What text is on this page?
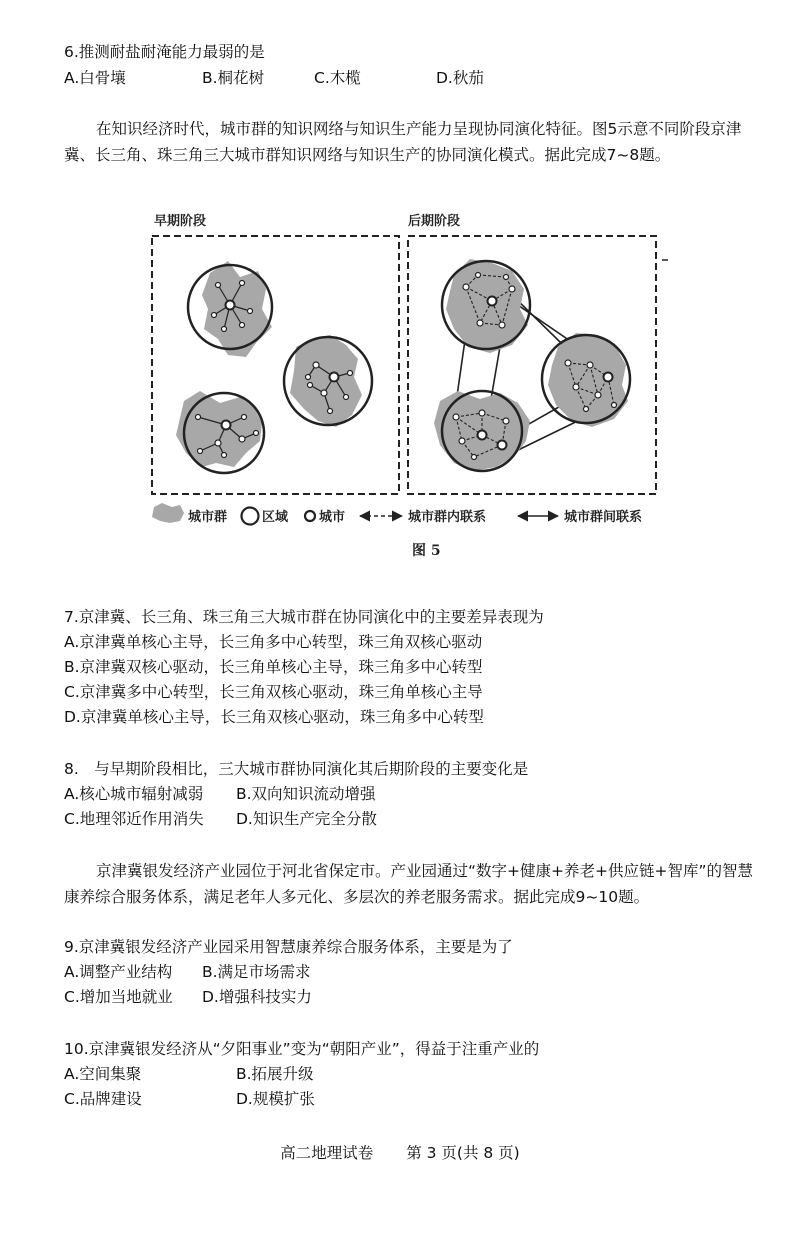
6.推测耐盐耐淹能力最弱的是
A.白骨壤	B.桐花树	C.木榄	D.秋茄
在知识经济时代，城市群的知识网络与知识生产能力呈现协同演化特征。图5示意不同阶段京津冀、长三角、珠三角三大城市群知识网络与知识生产的协同演化模式。据此完成7~8题。
早期阶段	后期阶段
城市群	区域 城市	城市群内联系	城市群间联系
图 5
7.京津冀、长三角、珠三角三大城市群在协同演化中的主要差异表现为
A.京津冀单核心主导，长三角多中心转型，珠三角双核心驱动
B.京津冀双核心驱动，长三角单核心主导，珠三角多中心转型
C.京津冀多中心转型，长三角双核心驱动，珠三角单核心主导
D.京津冀单核心主导，长三角双核心驱动，珠三角多中心转型
8.　与早期阶段相比，三大城市群协同演化其后期阶段的主要变化是
A.核心城市辐射减弱 B.双向知识流动增强
C.地理邻近作用消失 D.知识生产完全分散
京津冀银发经济产业园位于河北省保定市。产业园通过“数字+健康+养老+供应链+智库”的智慧康养综合服务体系，满足老年人多元化、多层次的养老服务需求。据此完成9~10题。
9.京津冀银发经济产业园采用智慧康养综合服务体系，主要是为了
A.调整产业结构 B.满足市场需求
C.增加当地就业 D.增强科技实力
10.京津冀银发经济从“夕阳事业”变为“朝阳产业”，得益于注重产业的
A.空间集聚	B.拓展升级
C.品牌建设	D.规模扩张
高二地理试卷 第 3 页(共 8 页)
